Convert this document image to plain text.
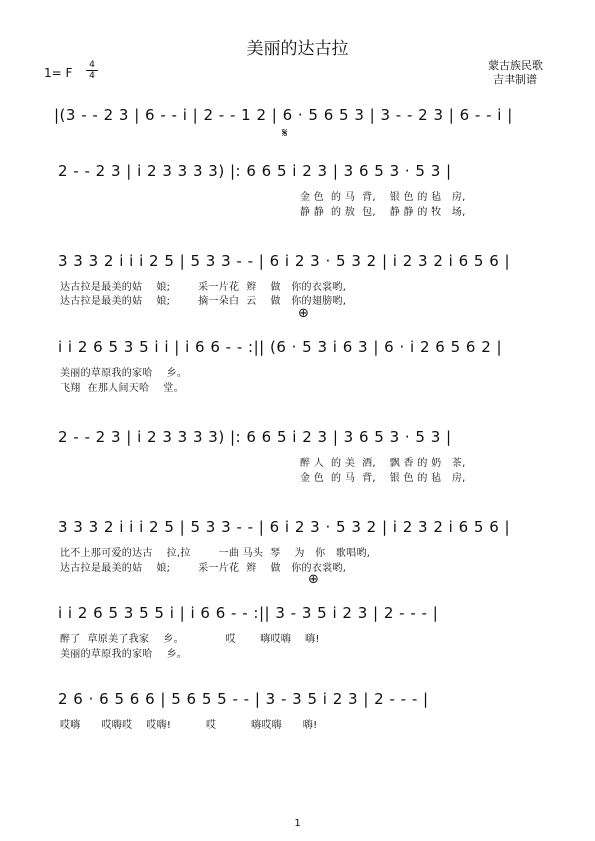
美丽的达古拉
蒙古族民歌
吉聿制谱
1= F $\frac{4}{4}$
|(3 - - 2 3 | 6 - - i | 2 - - 1 2 | 6 · 5 6 5 3 | 3 - - 2 3 | 6 - - i |
𝄋
2 - - 2 3 | i 2 3 3 3 3) |: 6 6 5 i 2 3 | 3 6 5 3 · 5 3 |
金 色  的 马  背,    银 色 的 毡   房,
静 静  的 敖  包,    静 静 的 牧   场,
3 3 3 2 i i i 2 5 | 5 3 3 - - | 6 i 2 3 · 5 3 2 | i 2 3 2 i 6 5 6 |
达古拉是最美的姑    娘;        采一片花  辫    做   你的衣裳哟,
达古拉是最美的姑    娘;        摘一朵白  云    做   你的翅膀哟,
⊕
i i 2 6 5 3 5 i i | i 6 6 - - :|| (6 · 5 3 i 6 3 | 6 · i 2 6 5 6 2 |
美丽的草原我的家哈    乡。
飞翔  在那人间天哈    堂。
2 - - 2 3 | i 2 3 3 3 3) |: 6 6 5 i 2 3 | 3 6 5 3 · 5 3 |
醉 人  的 美  酒,    飘 香 的 奶   茶,
金 色  的 马  背,    银 色 的 毡   房,
3 3 3 2 i i i 2 5 | 5 3 3 - - | 6 i 2 3 · 5 3 2 | i 2 3 2 i 6 5 6 |
比不上那可爱的达古    拉,拉        一曲 马头  琴    为   你   歌唱哟,
达古拉是最美的姑    娘;        采一片花  辫    做   你的衣裳哟,
⊕
i i 2 6 5 3 5 5 i | i 6 6 - - :|| 3 - 3 5 i 2 3 | 2 - - - |
醉了  草原美了我家    乡。            哎       嗨哎嗨    嗨!
美丽的草原我的家哈    乡。
2 6 · 6 5 6 6 | 5 6 5 5 - - | 3 - 3 5 i 2 3 | 2 - - - |
哎嗨      哎嗨哎    哎嗨!          哎          嗨哎嗨      嗨!
1
